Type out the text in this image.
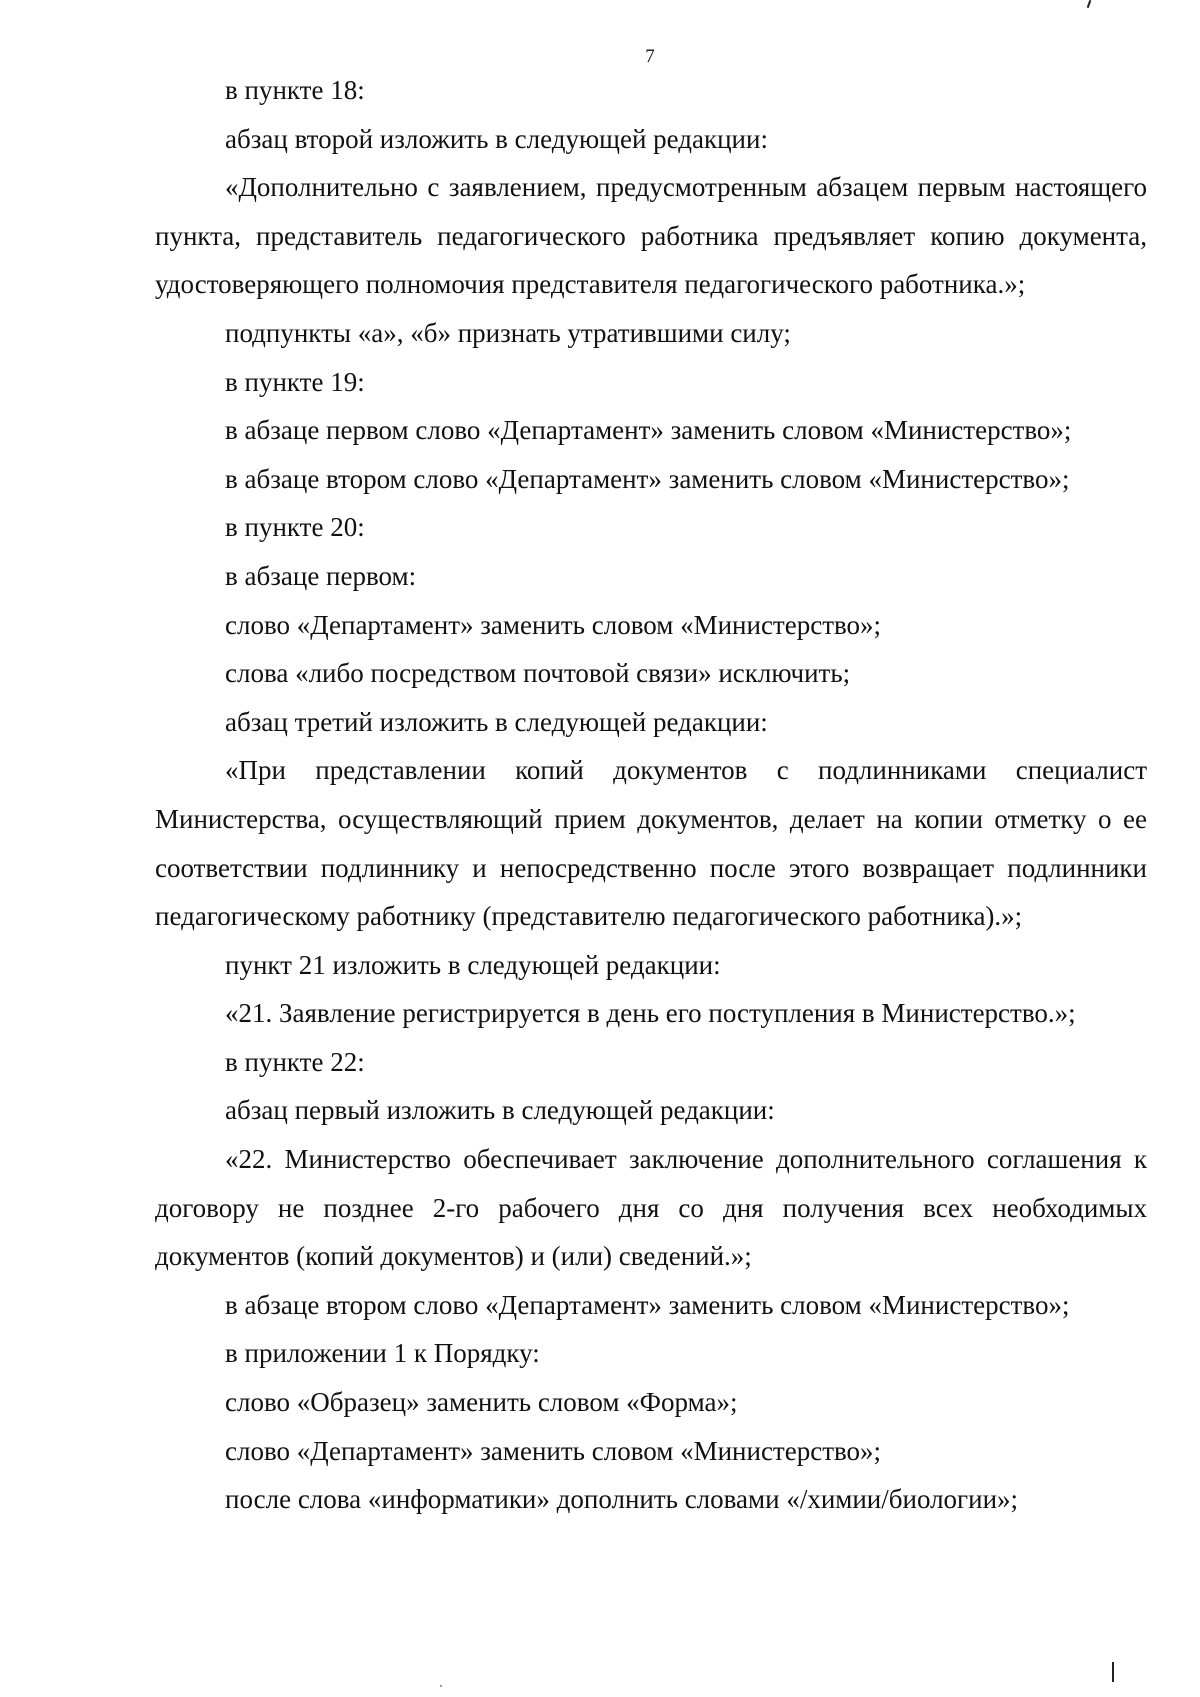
7

в пункте 18:

абзац второй изложить в следующей редакции:

«Дополнительно с заявлением, предусмотренным абзацем первым настоящего пункта, представитель педагогического работника предъявляет копию документа, удостоверяющего полномочия представителя педагогического работника.»;

подпункты «а», «б» признать утратившими силу;

в пункте 19:

в абзаце первом слово «Департамент» заменить словом «Министерство»;

в абзаце втором слово «Департамент» заменить словом «Министерство»;

в пункте 20:

в абзаце первом:

слово «Департамент» заменить словом «Министерство»;

слова «либо посредством почтовой связи» исключить;

абзац третий изложить в следующей редакции:

«При представлении копий документов с подлинниками специалист Министерства, осуществляющий прием документов, делает на копии отметку о ее соответствии подлиннику и непосредственно после этого возвращает подлинники педагогическому работнику (представителю педагогического работника).»;

пункт 21 изложить в следующей редакции:

«21. Заявление регистрируется в день его поступления в Министерство.»;

в пункте 22:

абзац первый изложить в следующей редакции:

«22. Министерство обеспечивает заключение дополнительного соглашения к договору не позднее 2-го рабочего дня со дня получения всех необходимых документов (копий документов) и (или) сведений.»;

в абзаце втором слово «Департамент» заменить словом «Министерство»;

в приложении 1 к Порядку:

слово «Образец» заменить словом «Форма»;

слово «Департамент» заменить словом «Министерство»;

после слова «информатики» дополнить словами «/химии/биологии»;
